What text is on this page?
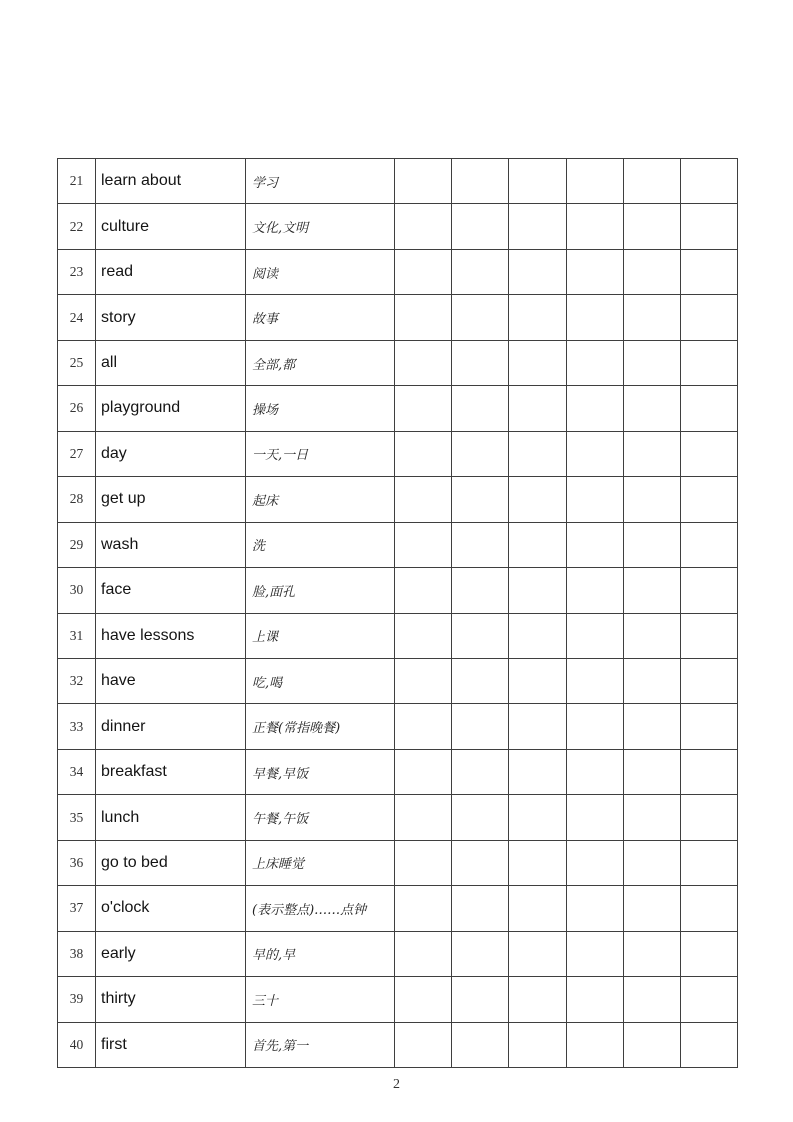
21	learn about	学习
22	culture	文化,文明
23	read	阅读
24	story	故事
25	all	全部,都
26	playground	操场
27	day	一天,一日
28	get up	起床
29	wash	洗
30	face	脸,面孔
31	have lessons	上课
32	have	吃,喝
33	dinner	正餐(常指晚餐)
34	breakfast	早餐,早饭
35	lunch	午餐,午饭
36	go to bed	上床睡觉
37	o'clock	(表示整点)……点钟
38	early	早的,早
39	thirty	三十
40	first	首先,第一
2
